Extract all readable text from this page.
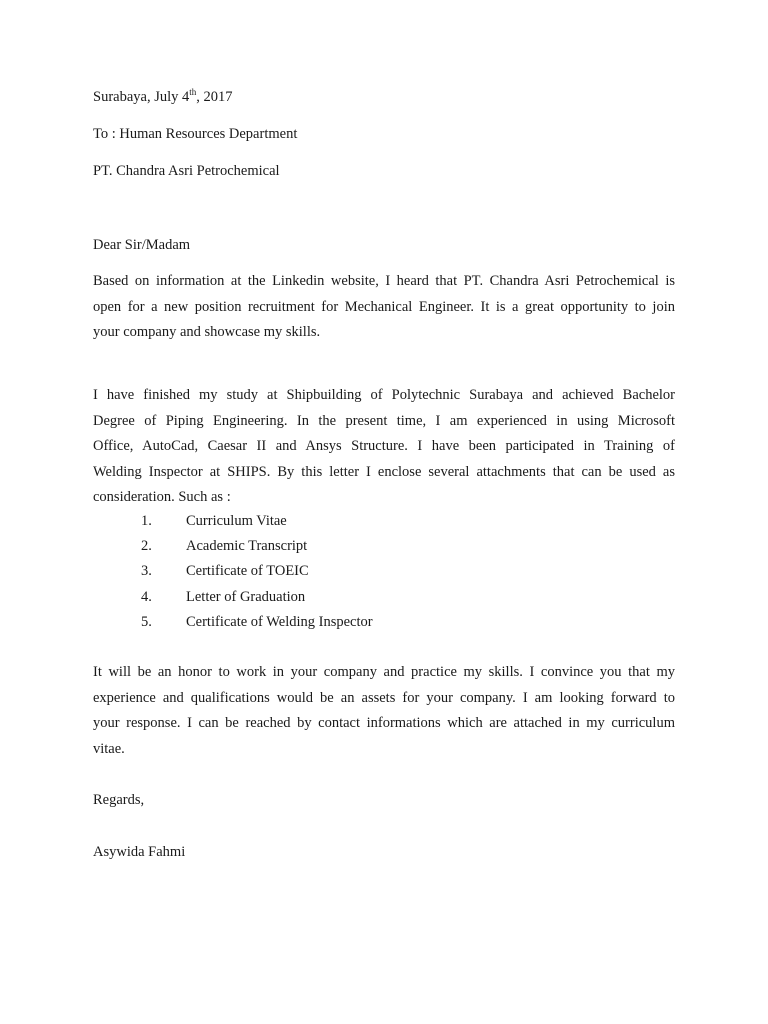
Surabaya, July 4th, 2017
To : Human Resources Department
PT. Chandra Asri Petrochemical
Dear Sir/Madam

Based on information at the Linkedin website, I heard that PT. Chandra Asri Petrochemical is

open for a new position recruitment for Mechanical Engineer. It is a great opportunity to join

your company and showcase my skills.

I have finished my study at Shipbuilding of Polytechnic Surabaya and achieved Bachelor

Degree of Piping Engineering. In the present time, I am experienced in using Microsoft

Office, AutoCad, Caesar II and Ansys Structure. I have been participated in Training of

Welding Inspector at SHIPS. By this letter I enclose several attachments that can be used as

consideration. Such as :

1. Curriculum Vitae
2. Academic Transcript
3. Certificate of TOEIC
4. Letter of Graduation
5. Certificate of Welding Inspector

It will be an honor to work in your company and practice my skills. I convince you that my

experience and qualifications would be an assets for your company. I am looking forward to

your response. I can be reached by contact informations which are attached in my curriculum

vitae.

Regards,
Asywida Fahmi
